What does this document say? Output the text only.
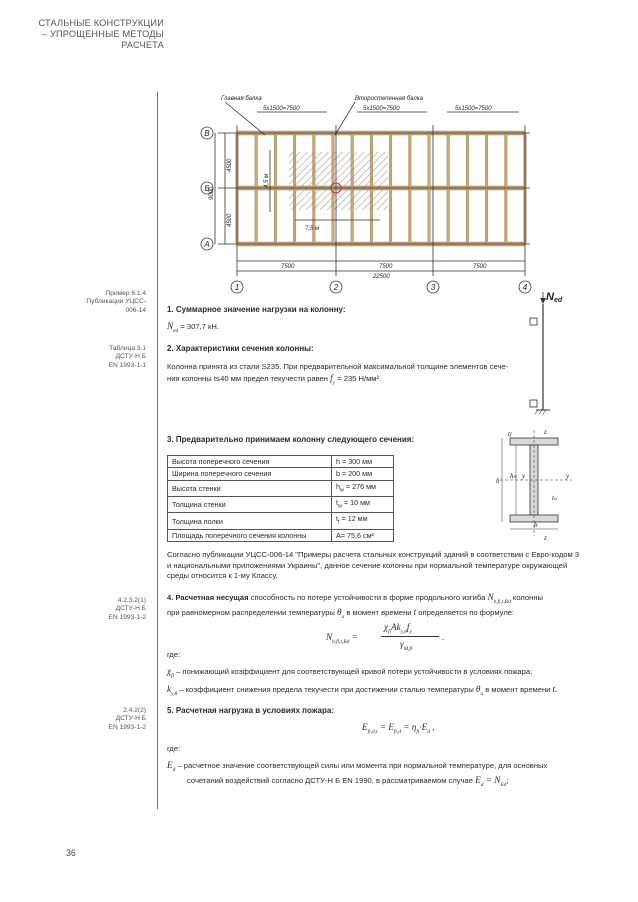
СТАЛЬНЫЕ КОНСТРУКЦИИ
– УПРОЩЕННЫЕ МЕТОДЫ
РАСЧЕТА
В
Б
А
1	2	3	4
Главная балка	Второстепенная балка
5x1500=7500	5x1500=7500	5x1500=7500
7,5 м
7500	7500	7500
22500
4500
4500
9000
4,5 м
Ned
z
z
y	y
h
hw
tf
tw
b
Пример 6.1.4
Публикации УЦСС-
006-14
Таблица 3.1
ДСТУ-Н Б
EN 1993-1-1
4.2.3.2(1)
ДСТУ-Н Б
EN 1993-1-2
2.4.2(2)
ДСТУ-Н Б
EN 1993-1-2
1. Суммарное значение нагрузки на колонну:
$N_{ed} = 307,7$ кН.
2. Характеристики сечения колонны:
Колонна принята из стали S235. При предварительной максимальной толщине элементов сече-
ния колонны t≤40 мм предел текучести равен $f_y = 235$ Н/мм².
3. Предварительно принимаем колонну следующего сечения:
Высота поперечного сечения	h = 300 мм
Ширина поперечного сечения	b = 200 мм
Высота стенки	$h_w = 276$ мм
Толщина стенки	$t_w = 10$ мм
Толщина полки	$t_f = 12$ мм
Площадь поперечного сечения колонны	A= 75,6 см²
Согласно публикации УЦСС-006-14 "Примеры расчета стальных конструкций зданий в соответствии с Евро-кодом 3 и национальными приложениями Украины", данное сечение колонны при нормальной температуре окружающей среды относится к 1-му Классу.
4. Расчетная несущая способность по потере устойчивости в форме продольного изгиба $N_{b,fi,t,Rd}$ колонны
при равномерном распределении температуры $\theta_a$ в момент времени t определяется по формуле:
$N_{b,fi,t,Rd}$ =
$\chi_{fi}Ak_{y,\theta}f_y$
$\gamma_{M,fi}$
.
где:
$\chi_{fi}$ – понижающий коэффициент для соответствующей кривой потери устойчивости в условиях пожара;
$k_{y,\theta}$ – коэффициент снижения предела текучести при достижении сталью температуры $\theta_a$ в момент времени t.
5. Расчетная нагрузка в условиях пожара:
$E_{fi,d,t} = E_{fi,d} = \eta_{fi}\cdot E_d$ ,
где:
$E_d$ – расчетное значение соответствующей силы или момента при нормальной температуре, для основных
сочетаний воздействий согласно ДСТУ-Н Б EN 1990, в рассматриваемом случае $E_d = N_{Ed}$;
36
